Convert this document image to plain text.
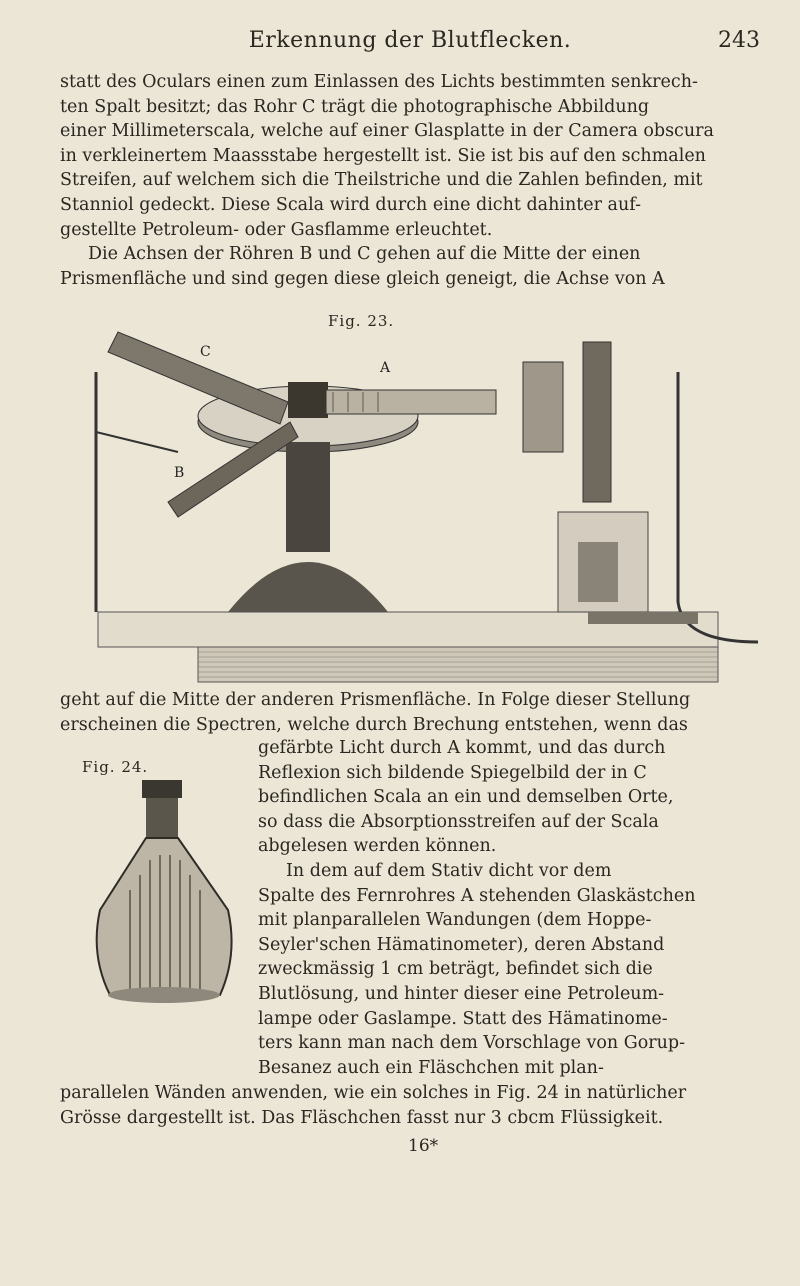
Erkennung der Blutflecken.	243
statt des Oculars einen zum Einlassen des Lichts bestimmten senkrech-
ten Spalt besitzt; das Rohr C trägt die photographische Abbildung
einer Millimeterscala, welche auf einer Glasplatte in der Camera obscura
in verkleinertem Maassstabe hergestellt ist. Sie ist bis auf den schmalen
Streifen, auf welchem sich die Theilstriche und die Zahlen befinden, mit
Stanniol gedeckt. Diese Scala wird durch eine dicht dahinter auf-
gestellte Petroleum- oder Gasflamme erleuchtet.
Die Achsen der Röhren B und C gehen auf die Mitte der einen
Prismenfläche und sind gegen diese gleich geneigt, die Achse von A
Fig. 23.
C
A
B
geht auf die Mitte der anderen Prismenfläche. In Folge dieser Stellung
erscheinen die Spectren, welche durch Brechung entstehen, wenn das
Fig. 24.
gefärbte Licht durch A kommt, und das durch
Reflexion sich bildende Spiegelbild der in C
befindlichen Scala an ein und demselben Orte,
so dass die Absorptionsstreifen auf der Scala
abgelesen werden können.
In dem auf dem Stativ dicht vor dem
Spalte des Fernrohres A stehenden Glaskästchen
mit planparallelen Wandungen (dem Hoppe-
Seyler'schen Hämatinometer), deren Abstand
zweckmässig 1 cm beträgt, befindet sich die
Blutlösung, und hinter dieser eine Petroleum-
lampe oder Gaslampe. Statt des Hämatinome-
ters kann man nach dem Vorschlage von Gorup-
Besanez auch ein Fläschchen mit plan-
parallelen Wänden anwenden, wie ein solches in Fig. 24 in natürlicher
Grösse dargestellt ist. Das Fläschchen fasst nur 3 cbcm Flüssigkeit.
16*
